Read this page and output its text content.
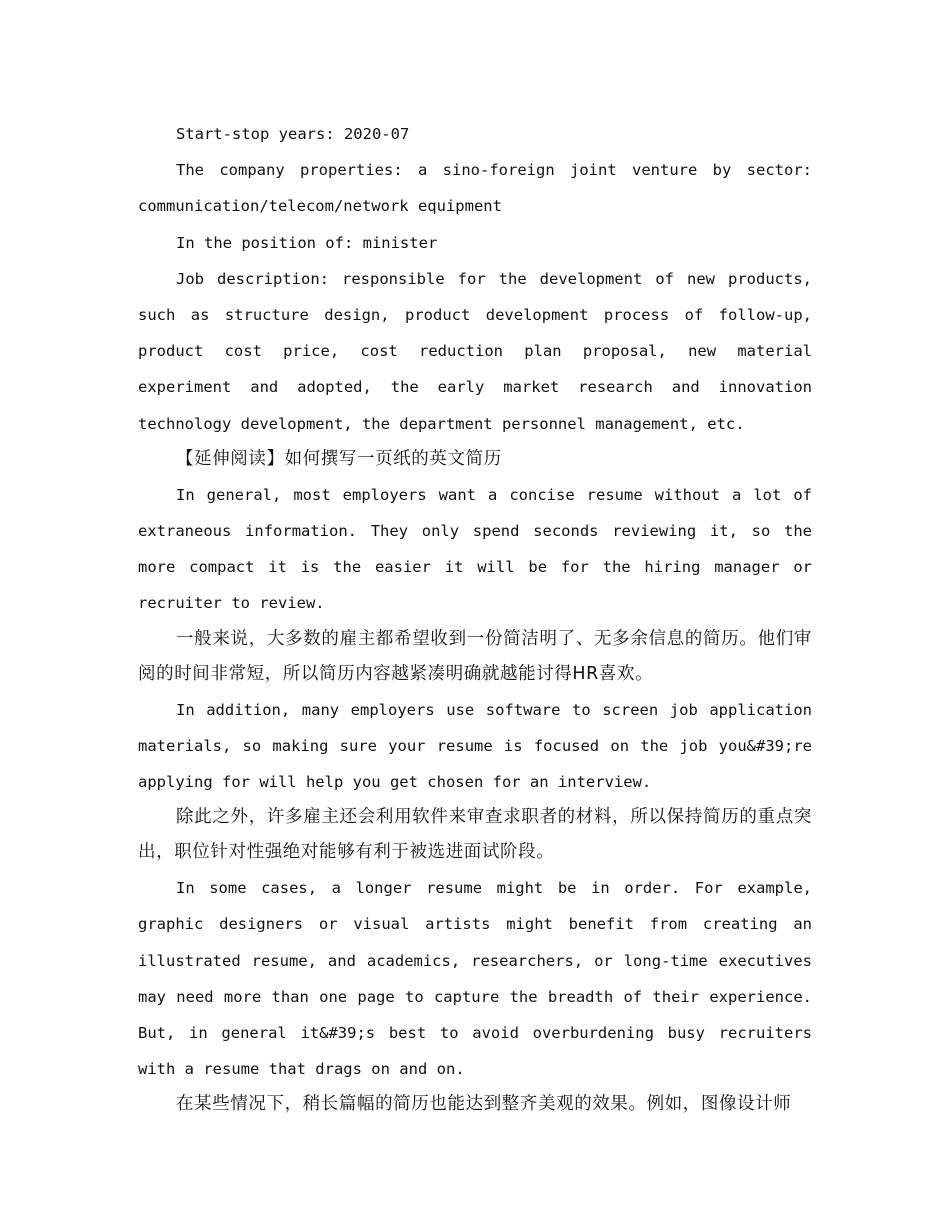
Start-stop years: 2020-07

The company properties: a sino-foreign joint venture by sector: communication/telecom/network equipment

In the position of: minister

Job description: responsible for the development of new products, such as structure design, product development process of follow-up, product cost price, cost reduction plan proposal, new material experiment and adopted, the early market research and innovation technology development, the department personnel management, etc.

【延伸阅读】如何撰写一页纸的英文简历

In general, most employers want a concise resume without a lot of extraneous information. They only spend seconds reviewing it, so the more compact it is the easier it will be for the hiring manager or recruiter to review.

一般来说，大多数的雇主都希望收到一份简洁明了、无多余信息的简历。他们审阅的时间非常短，所以简历内容越紧凑明确就越能讨得HR喜欢。

In addition, many employers use software to screen job application materials, so making sure your resume is focused on the job you&#39;re applying for will help you get chosen for an interview.

除此之外，许多雇主还会利用软件来审查求职者的材料，所以保持简历的重点突出，职位针对性强绝对能够有利于被选进面试阶段。

In some cases, a longer resume might be in order. For example, graphic designers or visual artists might benefit from creating an illustrated resume, and academics, researchers, or long-time executives may need more than one page to capture the breadth of their experience. But, in general it&#39;s best to avoid overburdening busy recruiters with a resume that drags on and on.

在某些情况下，稍长篇幅的简历也能达到整齐美观的效果。例如，图像设计师
